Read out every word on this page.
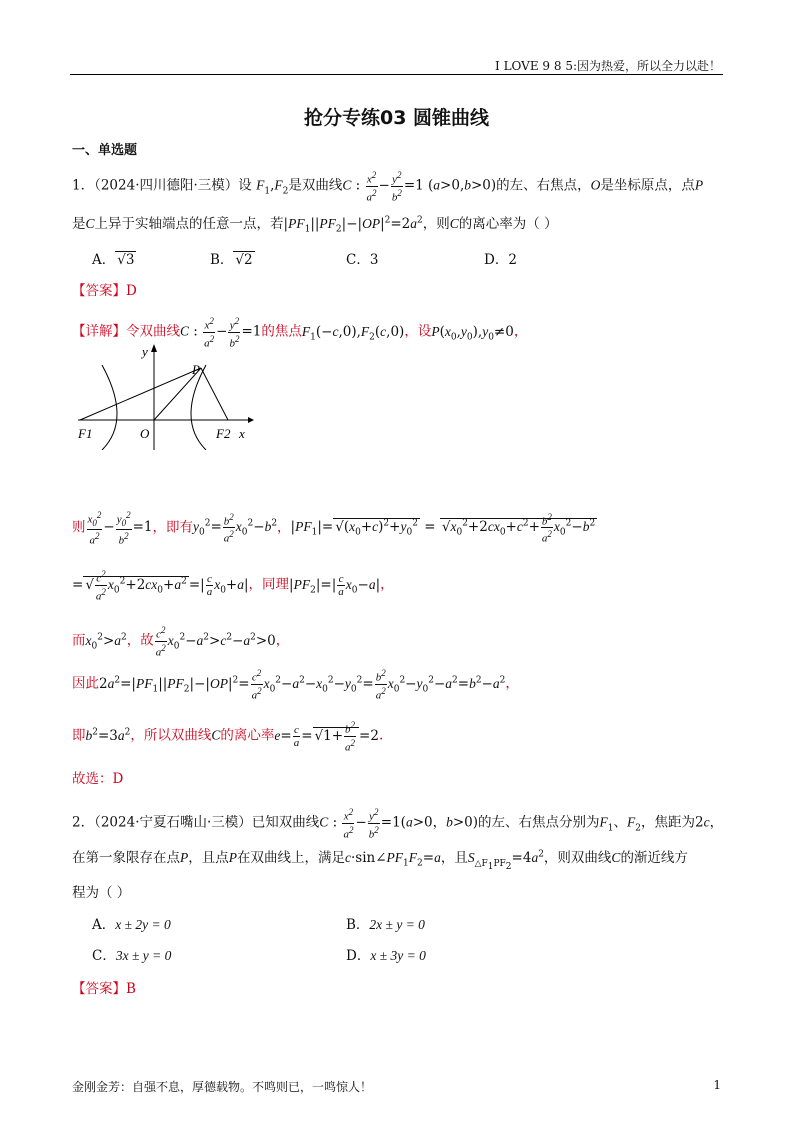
I LOVE 9 8 5:因为热爱，所以全力以赴！
抢分专练03 圆锥曲线
一、单选题
1．（2024·四川德阳·三模）设 $F_1,F_2$是双曲线C : $\frac{x^2}{a^2} - \frac{y^2}{b^2} =1$ (a>0,b>0)的左、右焦点，O是坐标原点，点P
是C上异于实轴端点的任意一点，若$|PF_1||PF_2|-|OP|^2=2a^2$，则C的离心率为（ ）
A． √3	B． √2	C．3	D．2
【答案】D
【详解】令双曲线C : $\frac{x^2}{a^2} - \frac{y^2}{b^2} =1$的焦点$F_1(-c,0),F_2(c,0)$，设$P(x_0,y_0),y_0\ne 0$，
y
P
F1	O	F2 x
则 $\frac{x_0^2}{a^2} - \frac{y_0^2}{b^2} =1$，即有$y_0^2= \frac{b^2}{a^2} x_0^2-b^2$，$|PF_1|= √(x_0+c)^2+y_0^2 = √x_0^2+2cx_0+c^2+ \frac{b^2}{a^2} x_0^2-b^2$
= √ $\frac{c^2}{a^2} x_0^2+2cx_0+a^2$ =| $\frac{c}{a} x_0+a|$，同理$|PF_2|=| \frac{c}{a} x_0-a|$，
而$x_0^2>a^2$，故 $\frac{c^2}{a^2} x_0^2-a^2>c^2-a^2>0$，
因此$2a^2=|PF_1||PF_2|-|OP|^2= \frac{c^2}{a^2} x_0^2-a^2-x_0^2-y_0^2= \frac{b^2}{a^2} x_0^2-y_0^2-a^2=b^2-a^2$，
即$b^2=3a^2$，所以双曲线C的离心率$e= \frac{c}{a} = √1+ \frac{b^2}{a^2} =2$.
故选：D
2．（2024·宁夏石嘴山·三模）已知双曲线C : $\frac{x^2}{a^2} - \frac{y^2}{b^2} =1(a>0$，b>0)的左、右焦点分别为$F_1$、$F_2$，焦距为2c，
在第一象限存在点P，且点P在双曲线上，满足$c\cdot\sin\angle PF_1F_2=a$，且$S_{\triangle F_1PF_2}=4a^2$，则双曲线C的渐近线方
程为（ ）
A．x ± 2y = 0	B．2x ± y = 0
C．3x ± y = 0	D．x ± 3y = 0
【答案】B
金刚金芳：自强不息，厚德载物。不鸣则已，一鸣惊人！	1
